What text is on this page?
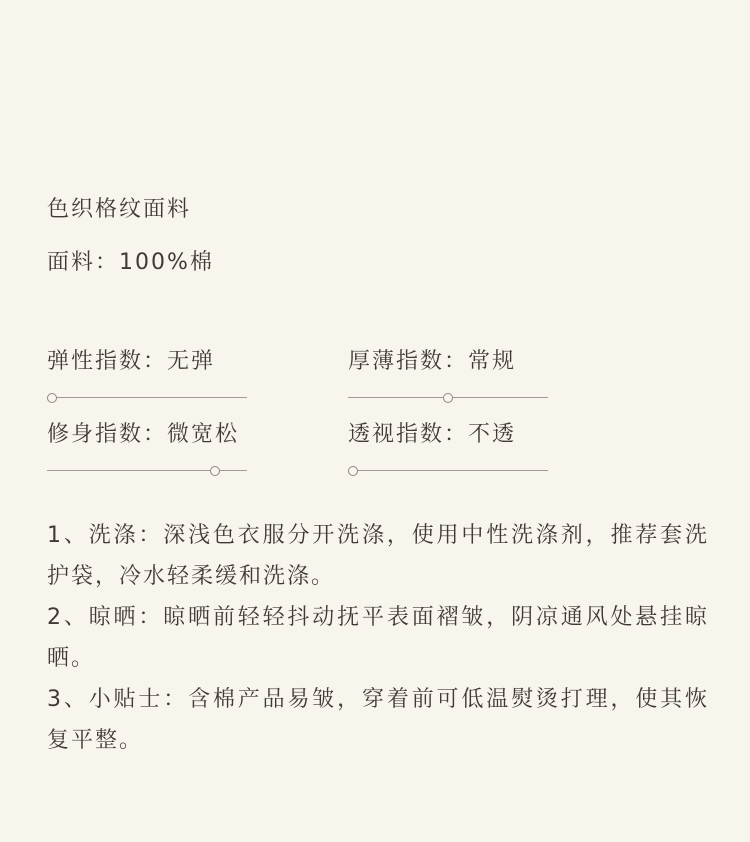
色织格纹面料
面料：100%棉
弹性指数：无弹	厚薄指数：常规
修身指数：微宽松	透视指数：不透

1、洗涤：深浅色衣服分开洗涤，使用中性洗涤剂，推荐套洗护袋，冷水轻柔缓和洗涤。

2、晾晒：晾晒前轻轻抖动抚平表面褶皱，阴凉通风处悬挂晾晒。

3、小贴士：含棉产品易皱，穿着前可低温熨烫打理，使其恢复平整。
